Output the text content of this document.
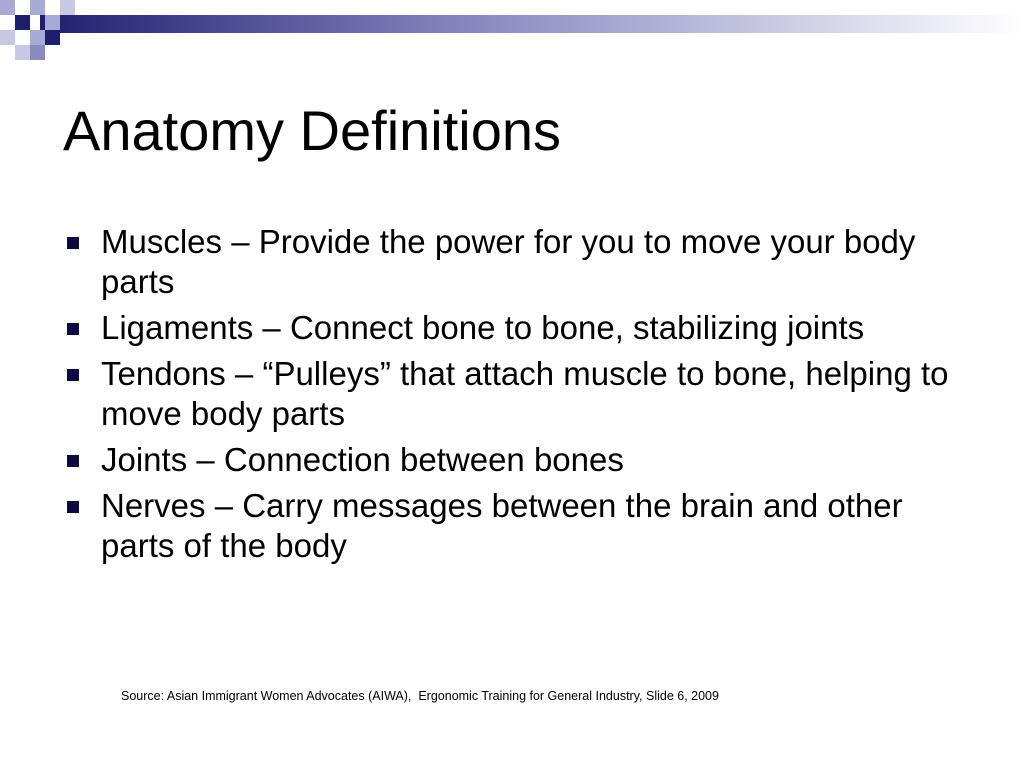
Anatomy Definitions
Muscles – Provide the power for you to move your body parts
Ligaments – Connect bone to bone, stabilizing joints
Tendons – “Pulleys” that attach muscle to bone, helping to move body parts
Joints – Connection between bones
Nerves – Carry messages between the brain and other parts of the body
Source: Asian Immigrant Women Advocates (AIWA),  Ergonomic Training for General Industry, Slide 6, 2009
